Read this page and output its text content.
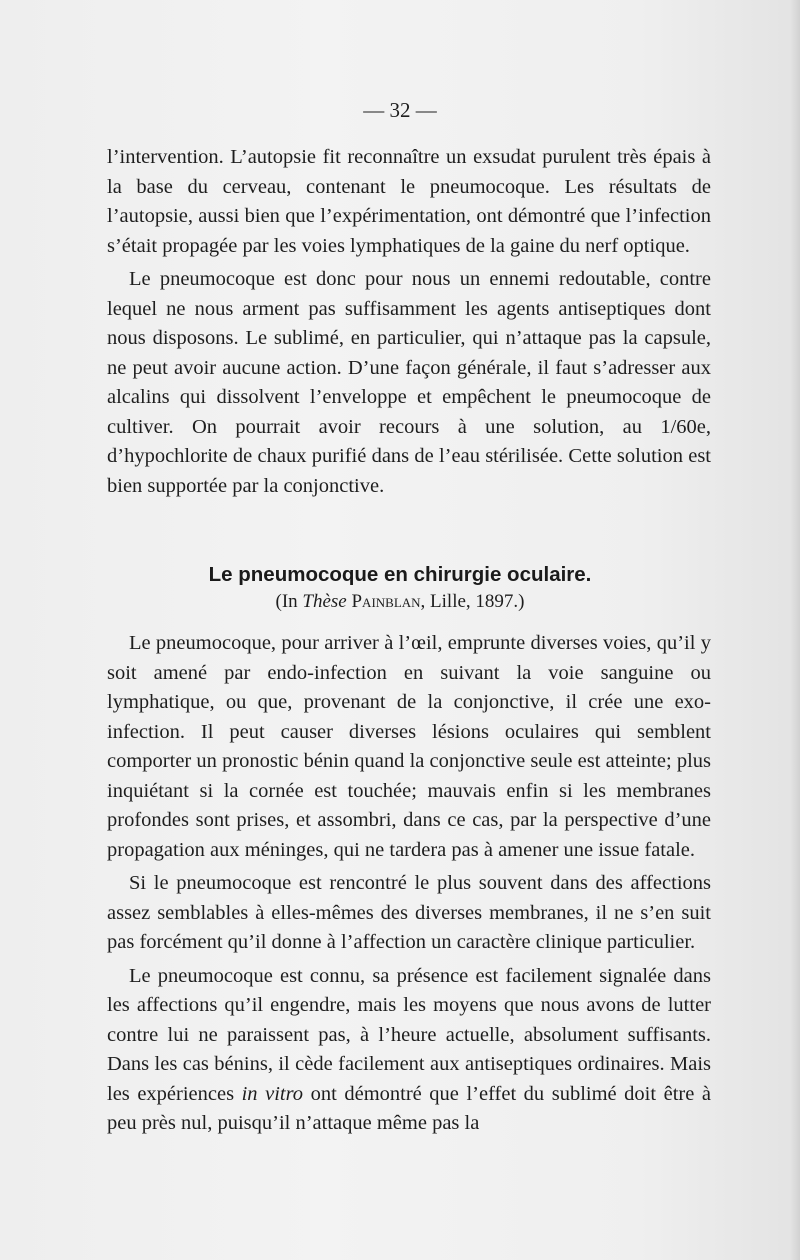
— 32 —

l’intervention. L’autopsie fit reconnaître un exsudat purulent très épais à la base du cerveau, contenant le pneumocoque. Les résultats de l’autopsie, aussi bien que l’expérimentation, ont démontré que l’infection s’était propagée par les voies lymphatiques de la gaine du nerf optique.

Le pneumocoque est donc pour nous un ennemi redoutable, contre lequel ne nous arment pas suffisamment les agents antiseptiques dont nous disposons. Le sublimé, en particulier, qui n’attaque pas la capsule, ne peut avoir aucune action. D’une façon générale, il faut s’adresser aux alcalins qui dissolvent l’enveloppe et empêchent le pneumocoque de cultiver. On pourrait avoir recours à une solution, au 1/60e, d’hypochlorite de chaux purifié dans de l’eau stérilisée. Cette solution est bien supportée par la conjonctive.

Le pneumocoque en chirurgie oculaire.
(In Thèse Painblan, Lille, 1897.)

Le pneumocoque, pour arriver à l’œil, emprunte diverses voies, qu’il y soit amené par endo-infection en suivant la voie sanguine ou lymphatique, ou que, provenant de la conjonctive, il crée une exo-infection. Il peut causer diverses lésions oculaires qui semblent comporter un pronostic bénin quand la conjonctive seule est atteinte; plus inquiétant si la cornée est touchée; mauvais enfin si les membranes profondes sont prises, et assombri, dans ce cas, par la perspective d’une propagation aux méninges, qui ne tardera pas à amener une issue fatale.

Si le pneumocoque est rencontré le plus souvent dans des affections assez semblables à elles-mêmes des diverses membranes, il ne s’en suit pas forcément qu’il donne à l’affection un caractère clinique particulier.

Le pneumocoque est connu, sa présence est facilement signalée dans les affections qu’il engendre, mais les moyens que nous avons de lutter contre lui ne paraissent pas, à l’heure actuelle, absolument suffisants. Dans les cas bénins, il cède facilement aux antiseptiques ordinaires. Mais les expériences in vitro ont démontré que l’effet du sublimé doit être à peu près nul, puisqu’il n’attaque même pas la
